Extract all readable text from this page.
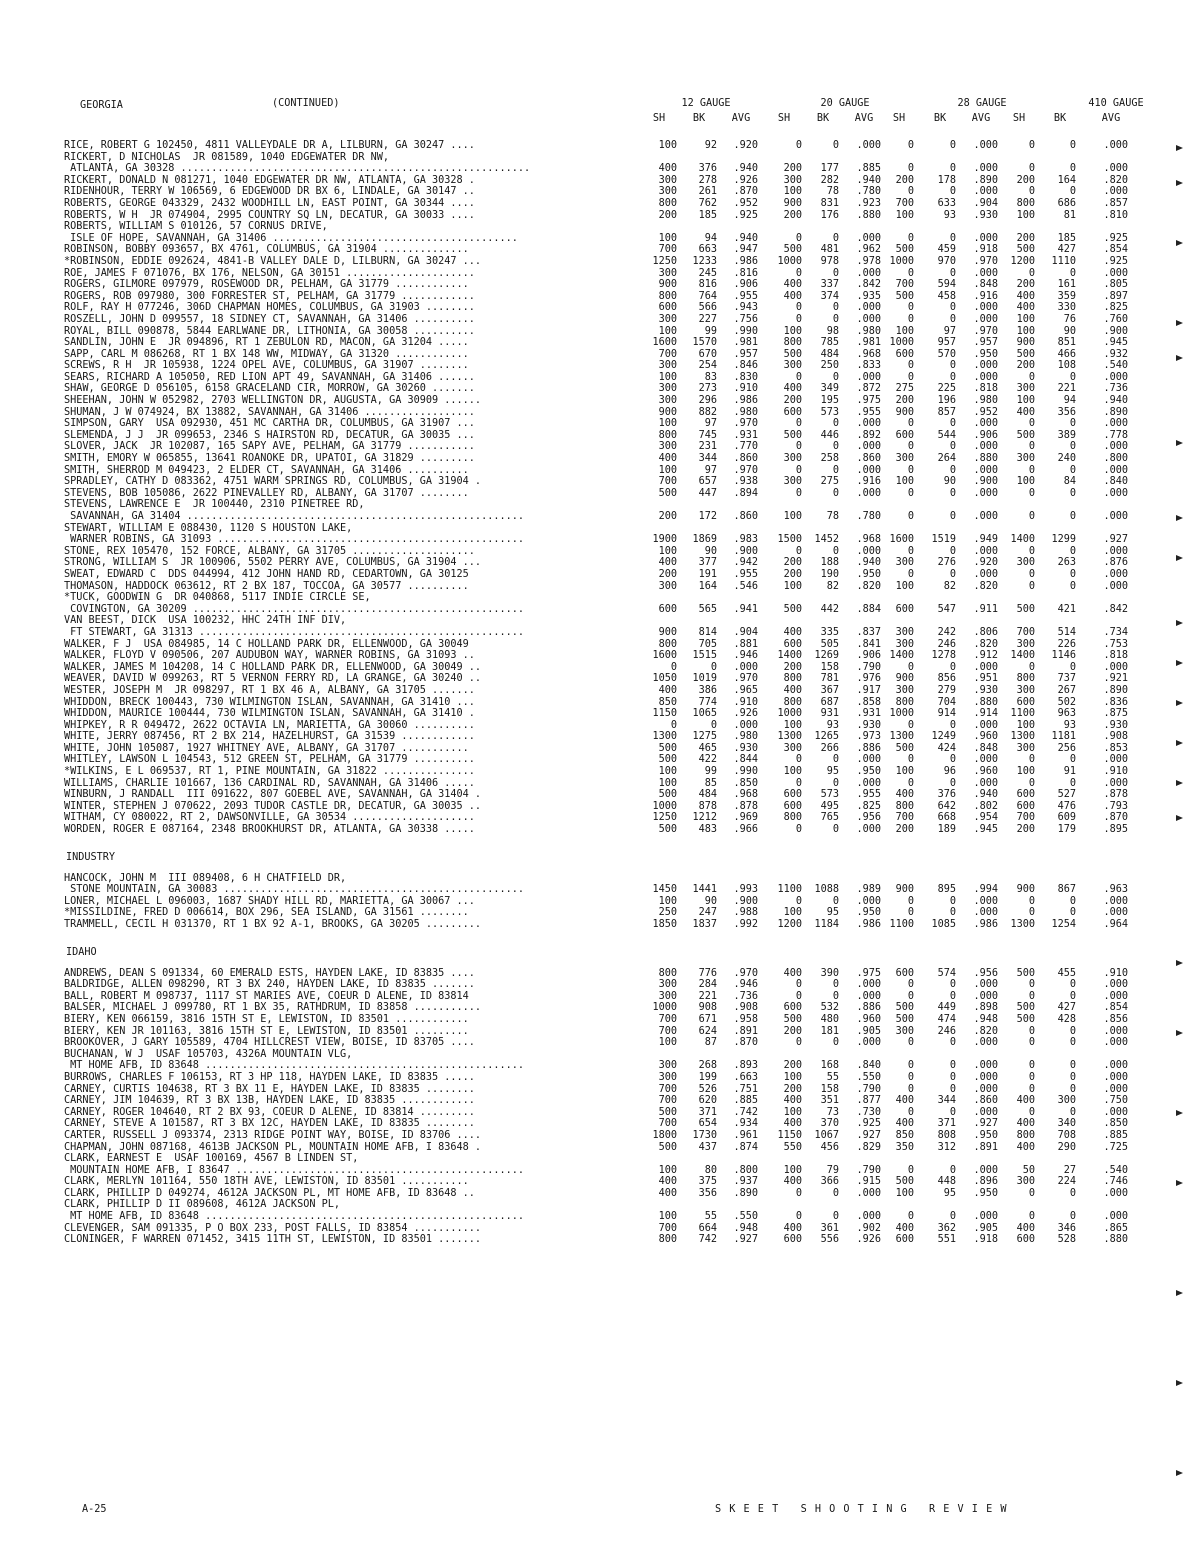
GEORGIA	(CONTINUED)	12 GAUGE	20 GAUGE	28 GAUGE	410 GAUGE
SH	BK	AVG	SH	BK	AVG	SH	BK	AVG	SH	BK	AVG
RICE, ROBERT G 102450, 4811 VALLEYDALE DR A, LILBURN, GA 30247 ....	100	92	.920	0	0	.000	0	0	.000	0	0	.000
RICKERT, D NICHOLAS  JR 081589, 1040 EDGEWATER DR NW,
ATLANTA, GA 30328 .........................................................	400	376	.940	200	177	.885	0	0	.000	0	0	.000
RICKERT, DONALD N 081271, 1040 EDGEWATER DR NW, ATLANTA, GA 30328 .	300	278	.926	300	282	.940	200	178	.890	200	164	.820
RIDENHOUR, TERRY W 106569, 6 EDGEWOOD DR BX 6, LINDALE, GA 30147 ..	300	261	.870	100	78	.780	0	0	.000	0	0	.000
ROBERTS, GEORGE 043329, 2432 WOODHILL LN, EAST POINT, GA 30344 ....	800	762	.952	900	831	.923	700	633	.904	800	686	.857
ROBERTS, W H  JR 074904, 2995 COUNTRY SQ LN, DECATUR, GA 30033 ....	200	185	.925	200	176	.880	100	93	.930	100	81	.810
ROBERTS, WILLIAM S 010126, 57 CORNUS DRIVE,
ISLE OF HOPE, SAVANNAH, GA 31406 ........................................	100	94	.940	0	0	.000	0	0	.000	200	185	.925
ROBINSON, BOBBY 093657, BX 4761, COLUMBUS, GA 31904 ..............	700	663	.947	500	481	.962	500	459	.918	500	427	.854
*ROBINSON, EDDIE 092624, 4841-B VALLEY DALE D, LILBURN, GA 30247 ...	1250	1233	.986	1000	978	.978 1000	970	.970	1200	1110	.925
ROE, JAMES F 071076, BX 176, NELSON, GA 30151 .....................	300	245	.816	0	0	.000	0	0	.000	0	0	.000
ROGERS, GILMORE 097979, ROSEWOOD DR, PELHAM, GA 31779 ............	900	816	.906	400	337	.842	700	594	.848	200	161	.805
ROGERS, ROB 097980, 300 FORRESTER ST, PELHAM, GA 31779 ............	800	764	.955	400	374	.935	500	458	.916	400	359	.897
ROLF, RAY H 077246, 306D CHAPMAN HOMES, COLUMBUS, GA 31903 ........	600	566	.943	0	0	.000	0	0	.000	400	330	.825
ROSZELL, JOHN D 099557, 18 SIDNEY CT, SAVANNAH, GA 31406 ..........	300	227	.756	0	0	.000	0	0	.000	100	76	.760
ROYAL, BILL 090878, 5844 EARLWANE DR, LITHONIA, GA 30058 ..........	100	99	.990	100	98	.980	100	97	.970	100	90	.900
SANDLIN, JOHN E  JR 094896, RT 1 ZEBULON RD, MACON, GA 31204 .....	1600	1570	.981	800	785	.981 1000	957	.957	900	851	.945
SAPP, CARL M 086268, RT 1 BX 148 WW, MIDWAY, GA 31320 ............	700	670	.957	500	484	.968	600	570	.950	500	466	.932
SCREWS, R H  JR 105938, 1224 OPEL AVE, COLUMBUS, GA 31907 ........	300	254	.846	300	250	.833	0	0	.000	200	108	.540
SEARS, RICHARD A 105050, RED LION APT 49, SAVANNAH, GA 31406 ......	100	83	.830	0	0	.000	0	0	.000	0	0	.000
SHAW, GEORGE D 056105, 6158 GRACELAND CIR, MORROW, GA 30260 .......	300	273	.910	400	349	.872	275	225	.818	300	221	.736
SHEEHAN, JOHN W 052982, 2703 WELLINGTON DR, AUGUSTA, GA 30909 ......	300	296	.986	200	195	.975	200	196	.980	100	94	.940
SHUMAN, J W 074924, BX 13882, SAVANNAH, GA 31406 ..................	900	882	.980	600	573	.955	900	857	.952	400	356	.890
SIMPSON, GARY  USA 092930, 451 MC CARTHA DR, COLUMBUS, GA 31907 ...	100	97	.970	0	0	.000	0	0	.000	0	0	.000
SLEMENDA, J J  JR 099653, 2346 S HAIRSTON RD, DECATUR, GA 30035 ...	800	745	.931	500	446	.892	600	544	.906	500	389	.778
SLOVER, JACK  JR 102087, 165 SAPY AVE, PELHAM, GA 31779 ...........	300	231	.770	0	0	.000	0	0	.000	0	0	.000
SMITH, EMORY W 065855, 13641 ROANOKE DR, UPATOI, GA 31829 .........	400	344	.860	300	258	.860	300	264	.880	300	240	.800
SMITH, SHERROD M 049423, 2 ELDER CT, SAVANNAH, GA 31406 ..........	100	97	.970	0	0	.000	0	0	.000	0	0	.000
SPRADLEY, CATHY D 083362, 4751 WARM SPRINGS RD, COLUMBUS, GA 31904 .	700	657	.938	300	275	.916	100	90	.900	100	84	.840
STEVENS, BOB 105086, 2622 PINEVALLEY RD, ALBANY, GA 31707 ........	500	447	.894	0	0	.000	0	0	.000	0	0	.000
STEVENS, LAWRENCE E  JR 100440, 2310 PINETREE RD,
SAVANNAH, GA 31404 .......................................................	200	172	.860	100	78	.780	0	0	.000	0	0	.000
STEWART, WILLIAM E 088430, 1120 S HOUSTON LAKE,
WARNER ROBINS, GA 31093 ..................................................	1900	1869	.983	1500	1452	.968 1600	1519	.949	1400	1299	.927
STONE, REX 105470, 152 FORCE, ALBANY, GA 31705 ....................	100	90	.900	0	0	.000	0	0	.000	0	0	.000
STRONG, WILLIAM S  JR 100906, 5502 PERRY AVE, COLUMBUS, GA 31904 ...	400	377	.942	200	188	.940	300	276	.920	300	263	.876
SWEAT, EDWARD C  DDS 044994, 412 JOHN HAND RD, CEDARTOWN, GA 30125	200	191	.955	200	190	.950	0	0	.000	0	0	.000
THOMASON, HADDOCK 063612, RT 2 BX 187, TOCCOA, GA 30577 ..........	300	164	.546	100	82	.820	100	82	.820	0	0	.000
*TUCK, GOODWIN G  DR 040868, 5117 INDIE CIRCLE SE,
COVINGTON, GA 30209 ......................................................	600	565	.941	500	442	.884	600	547	.911	500	421	.842
VAN BEEST, DICK  USA 100232, HHC 24TH INF DIV,
FT STEWART, GA 31313 .....................................................	900	814	.904	400	335	.837	300	242	.806	700	514	.734
WALKER, F J  USA 084985, 14 C HOLLAND PARK DR, ELLENWOOD, GA 30049	800	705	.881	600	505	.841	300	246	.820	300	226	.753
WALKER, FLOYD V 090506, 207 AUDUBON WAY, WARNER ROBINS, GA 31093 ..	1600	1515	.946	1400	1269	.906 1400	1278	.912	1400	1146	.818
WALKER, JAMES M 104208, 14 C HOLLAND PARK DR, ELLENWOOD, GA 30049 ..	0	0	.000	200	158	.790	0	0	.000	0	0	.000
WEAVER, DAVID W 099263, RT 5 VERNON FERRY RD, LA GRANGE, GA 30240 ..	1050	1019	.970	800	781	.976	900	856	.951	800	737	.921
WESTER, JOSEPH M  JR 098297, RT 1 BX 46 A, ALBANY, GA 31705 .......	400	386	.965	400	367	.917	300	279	.930	300	267	.890
WHIDDON, BRECK 100443, 730 WILMINGTON ISLAN, SAVANNAH, GA 31410 ...	850	774	.910	800	687	.858	800	704	.880	600	502	.836
WHIDDON, MAURICE 100444, 730 WILMINGTON ISLAN, SAVANNAH, GA 31410 .	1150	1065	.926	1000	931	.931 1000	914	.914	1100	963	.875
WHIPKEY, R R 049472, 2622 OCTAVIA LN, MARIETTA, GA 30060 ..........	0	0	.000	100	93	.930	0	0	.000	100	93	.930
WHITE, JERRY 087456, RT 2 BX 214, HAZELHURST, GA 31539 ............	1300	1275	.980	1300	1265	.973 1300	1249	.960	1300	1181	.908
WHITE, JOHN 105087, 1927 WHITNEY AVE, ALBANY, GA 31707 ...........	500	465	.930	300	266	.886	500	424	.848	300	256	.853
WHITLEY, LAWSON L 104543, 512 GREEN ST, PELHAM, GA 31779 ..........	500	422	.844	0	0	.000	0	0	.000	0	0	.000
*WILKINS, E L 069537, RT 1, PINE MOUNTAIN, GA 31822 ...............	100	99	.990	100	95	.950	100	96	.960	100	91	.910
WILLIAMS, CHARLIE 101667, 136 CARDINAL RD, SAVANNAH, GA 31406 .....	100	85	.850	0	0	.000	0	0	.000	0	0	.000
WINBURN, J RANDALL  III 091622, 807 GOEBEL AVE, SAVANNAH, GA 31404 .	500	484	.968	600	573	.955	400	376	.940	600	527	.878
WINTER, STEPHEN J 070622, 2093 TUDOR CASTLE DR, DECATUR, GA 30035 ..	1000	878	.878	600	495	.825	800	642	.802	600	476	.793
WITHAM, CY 080022, RT 2, DAWSONVILLE, GA 30534 ....................	1250	1212	.969	800	765	.956	700	668	.954	700	609	.870
WORDEN, ROGER E 087164, 2348 BROOKHURST DR, ATLANTA, GA 30338 .....	500	483	.966	0	0	.000	200	189	.945	200	179	.895
INDUSTRY
HANCOCK, JOHN M  III 089408, 6 H CHATFIELD DR,
STONE MOUNTAIN, GA 30083 .................................................	1450	1441	.993	1100	1088	.989	900	895	.994	900	867	.963
LONER, MICHAEL L 096003, 1687 SHADY HILL RD, MARIETTA, GA 30067 ...	100	90	.900	0	0	.000	0	0	.000	0	0	.000
*MISSILDINE, FRED D 006614, BOX 296, SEA ISLAND, GA 31561 ........	250	247	.988	100	95	.950	0	0	.000	0	0	.000
TRAMMELL, CECIL H 031370, RT 1 BX 92 A-1, BROOKS, GA 30205 .........	1850	1837	.992	1200	1184	.986 1100	1085	.986	1300	1254	.964
IDAHO
ANDREWS, DEAN S 091334, 60 EMERALD ESTS, HAYDEN LAKE, ID 83835 ....	800	776	.970	400	390	.975	600	574	.956	500	455	.910
BALDRIDGE, ALLEN 098290, RT 3 BX 240, HAYDEN LAKE, ID 83835 .......	300	284	.946	0	0	.000	0	0	.000	0	0	.000
BALL, ROBERT M 098737, 1117 ST MARIES AVE, COEUR D ALENE, ID 83814	300	221	.736	0	0	.000	0	0	.000	0	0	.000
BALSER, MICHAEL J 099780, RT 1 BX 35, RATHDRUM, ID 83858 ...........	1000	908	.908	600	532	.886	500	449	.898	500	427	.854
BIERY, KEN 066159, 3816 15TH ST E, LEWISTON, ID 83501 ............	700	671	.958	500	480	.960	500	474	.948	500	428	.856
BIERY, KEN JR 101163, 3816 15TH ST E, LEWISTON, ID 83501 .........	700	624	.891	200	181	.905	300	246	.820	0	0	.000
BROOKOVER, J GARY 105589, 4704 HILLCREST VIEW, BOISE, ID 83705 ....	100	87	.870	0	0	.000	0	0	.000	0	0	.000
BUCHANAN, W J  USAF 105703, 4326A MOUNTAIN VLG,
MT HOME AFB, ID 83648 ....................................................	300	268	.893	200	168	.840	0	0	.000	0	0	.000
BURROWS, CHARLES F 106153, RT 3 HP 118, HAYDEN LAKE, ID 83835 .....	300	199	.663	100	55	.550	0	0	.000	0	0	.000
CARNEY, CURTIS 104638, RT 3 BX 11 E, HAYDEN LAKE, ID 83835 ........	700	526	.751	200	158	.790	0	0	.000	0	0	.000
CARNEY, JIM 104639, RT 3 BX 13B, HAYDEN LAKE, ID 83835 ............	700	620	.885	400	351	.877	400	344	.860	400	300	.750
CARNEY, ROGER 104640, RT 2 BX 93, COEUR D ALENE, ID 83814 .........	500	371	.742	100	73	.730	0	0	.000	0	0	.000
CARNEY, STEVE A 101587, RT 3 BX 12C, HAYDEN LAKE, ID 83835 ........	700	654	.934	400	370	.925	400	371	.927	400	340	.850
CARTER, RUSSELL J 093374, 2313 RIDGE POINT WAY, BOISE, ID 83706 ....	1800	1730	.961	1150	1067	.927	850	808	.950	800	708	.885
CHAPMAN, JOHN 087168, 4613B JACKSON PL, MOUNTAIN HOME AFB, I 83648 .	500	437	.874	550	456	.829	350	312	.891	400	290	.725
CLARK, EARNEST E  USAF 100169, 4567 B LINDEN ST,
MOUNTAIN HOME AFB, I 83647 ...............................................	100	80	.800	100	79	.790	0	0	.000	50	27	.540
CLARK, MERLYN 101164, 550 18TH AVE, LEWISTON, ID 83501 ...........	400	375	.937	400	366	.915	500	448	.896	300	224	.746
CLARK, PHILLIP D 049274, 4612A JACKSON PL, MT HOME AFB, ID 83648 ..	400	356	.890	0	0	.000	100	95	.950	0	0	.000
CLARK, PHILLIP D II 089608, 4612A JACKSON PL,
MT HOME AFB, ID 83648 ....................................................	100	55	.550	0	0	.000	0	0	.000	0	0	.000
CLEVENGER, SAM 091335, P O BOX 233, POST FALLS, ID 83854 ...........	700	664	.948	400	361	.902	400	362	.905	400	346	.865
CLONINGER, F WARREN 071452, 3415 11TH ST, LEWISTON, ID 83501 .......	800	742	.927	600	556	.926	600	551	.918	600	528	.880
A-25	S K E E T   S H O O T I N G   R E V I E W
